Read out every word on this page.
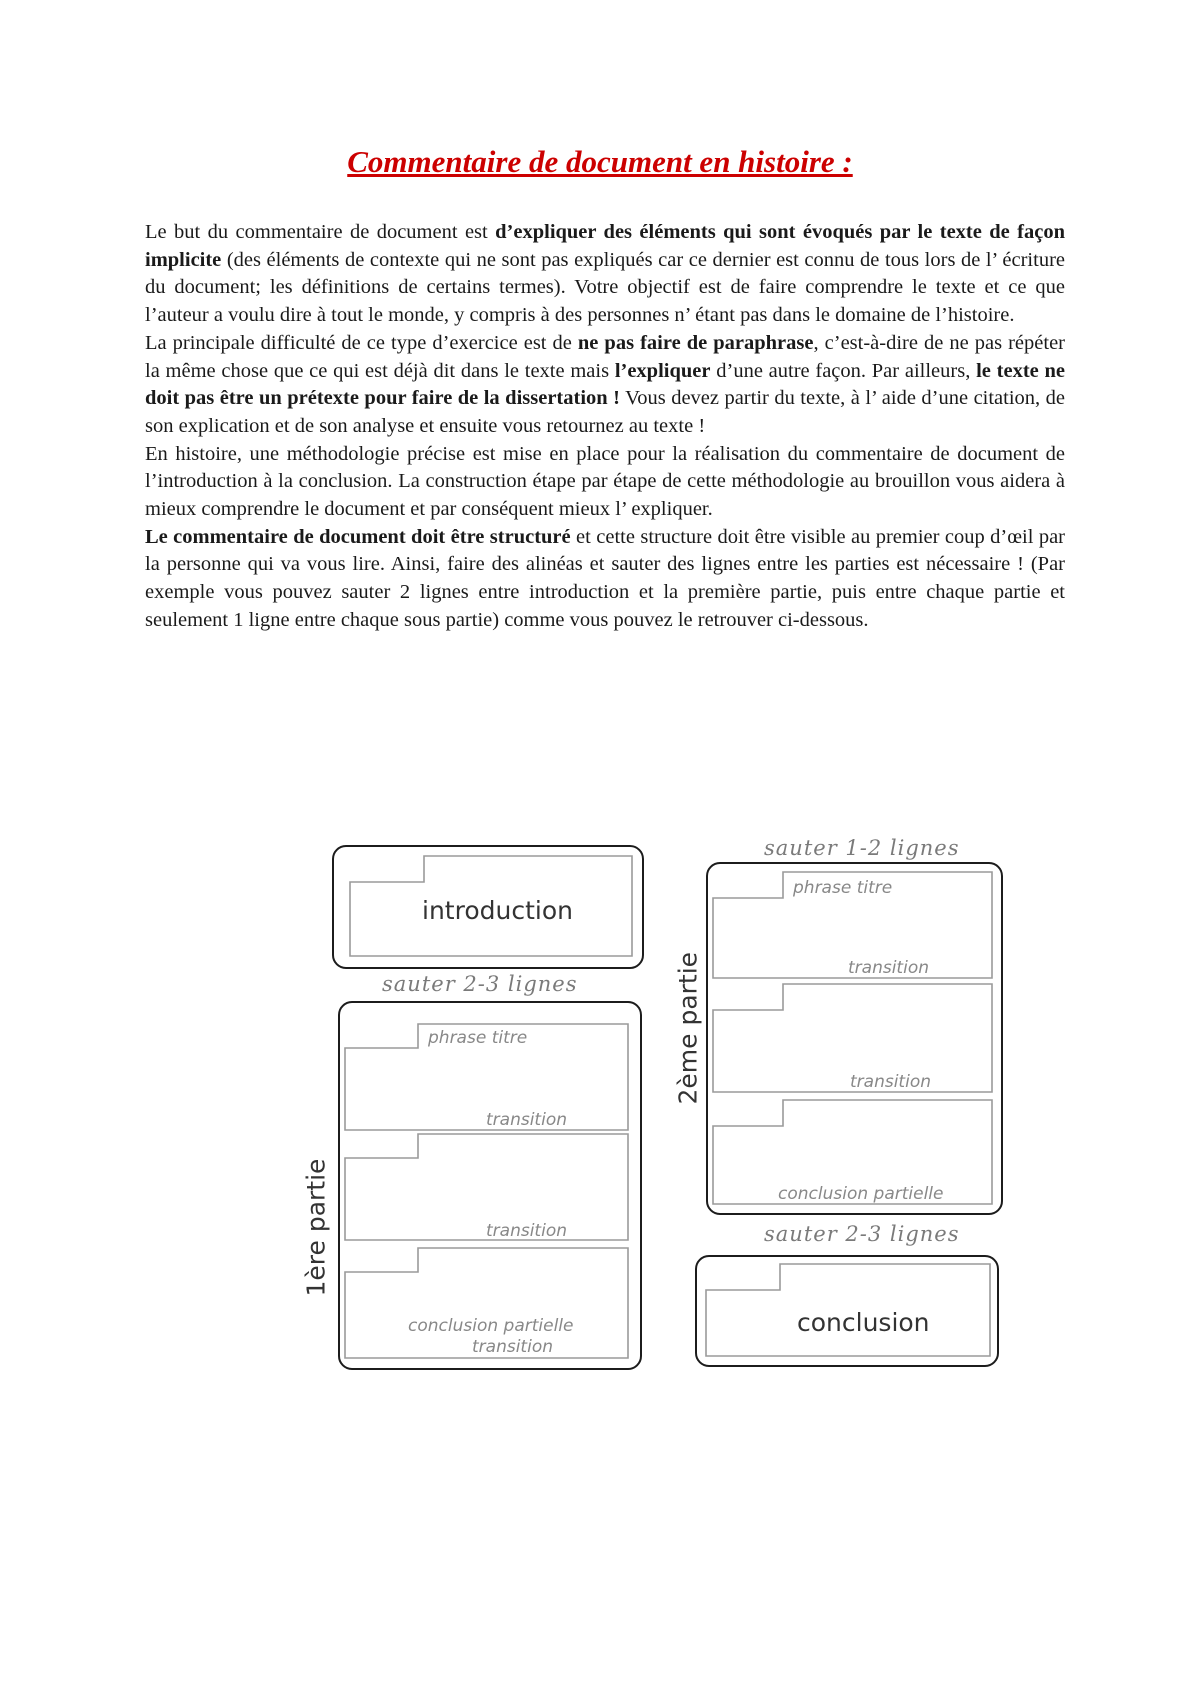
Commentaire de document en histoire :

Le but du commentaire de document est d’expliquer des éléments qui sont évoqués par le texte de façon implicite (des éléments de contexte qui ne sont pas expliqués car ce dernier est connu de tous lors de l’ écriture du document; les définitions de certains termes). Votre objectif est de faire comprendre le texte et ce que l’auteur a voulu dire à tout le monde, y compris à des personnes n’ étant pas dans le domaine de l’histoire.

La principale difficulté de ce type d’exercice est de ne pas faire de paraphrase, c’est-à-dire de ne pas répéter la même chose que ce qui est déjà dit dans le texte mais l’expliquer d’une autre façon. Par ailleurs, le texte ne doit pas être un prétexte pour faire de la dissertation ! Vous devez partir du texte, à l’ aide d’une citation, de son explication et de son analyse et ensuite vous retournez au texte !

En histoire, une méthodologie précise est mise en place pour la réalisation du commentaire de document de l’introduction à la conclusion. La construction étape par étape de cette méthodologie au brouillon vous aidera à mieux comprendre le document et par conséquent mieux l’ expliquer.

Le commentaire de document doit être structuré et cette structure doit être visible au premier coup d’œil par la personne qui va vous lire. Ainsi, faire des alinéas et sauter des lignes entre les parties est nécessaire ! (Par exemple vous pouvez sauter 2 lignes entre introduction et la première partie, puis entre chaque partie et seulement 1 ligne entre chaque sous partie) comme vous pouvez le retrouver ci-dessous.

introduction
sauter 2-3 lignes
1ère partie
phrase titre
transition
transition
conclusion partielle
transition
sauter 1-2 lignes
2ème partie
phrase titre
transition
transition
conclusion partielle
sauter 2-3 lignes
conclusion
